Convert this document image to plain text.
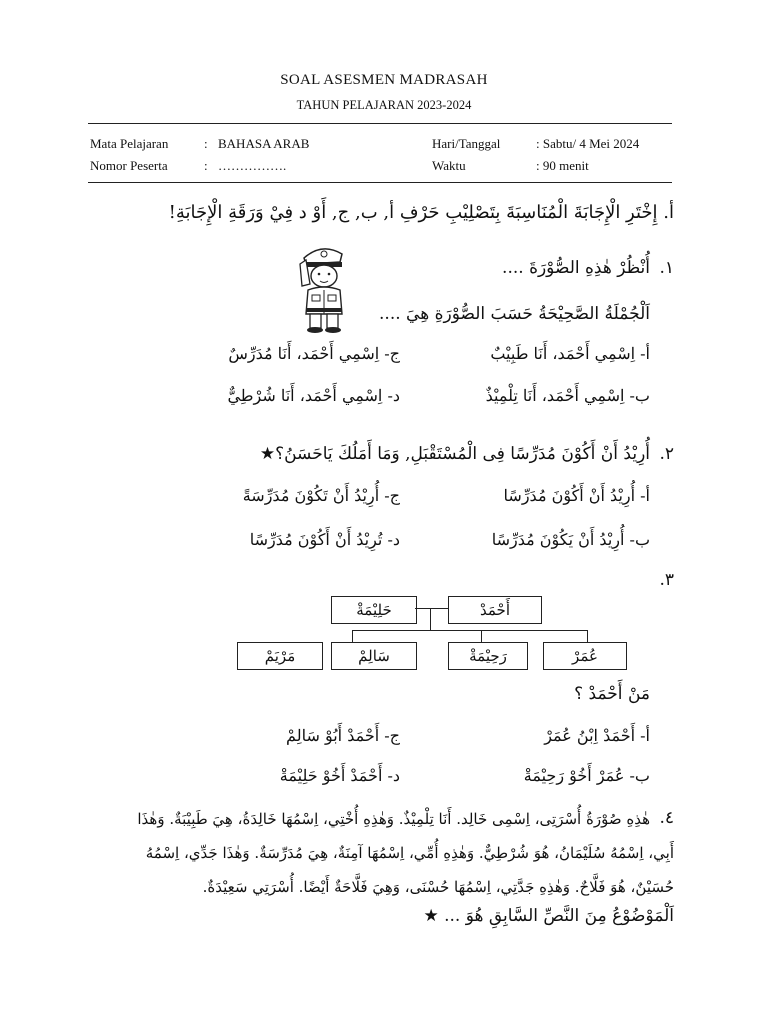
SOAL ASESMEN MADRASAH
TAHUN PELAJARAN 2023-2024
Mata Pelajaran	: BAHASA ARAB
Nomor Peserta	: …………….
Hari/Tanggal	: Sabtu/ 4 Mei 2024
Waktu	: 90 menit
أ. إِخْتَرِ الْإِجَابَةَ الْمُنَاسِبَةَ بِتَصْلِيْبِ حَرْفِ أ, ب, ج, أَوْ د فِيْ وَرَقَةِ الْإِجَابَةِ!
١.
أُنْظُرْ هٰذِهِ الصُّوْرَةَ ....
اَلْجُمْلَةُ الصَّحِيْحَةُ حَسَبَ الصُّوْرَةِ هِيَ ....
أ- اِسْمِي أَحْمَد، أَنَا طَبِيْبٌ
ج- اِسْمِي أَحْمَد، أَنَا مُدَرِّسٌ
ب- اِسْمِي أَحْمَد، أَنَا تِلْمِيْذٌ
د- اِسْمِي أَحْمَد، أَنَا شُرْطِيٌّ
٢.
أُرِيْدُ أَنْ أَكُوْنَ مُدَرِّسًا فِى الْمُسْتَقْبَلِ, وَمَا أَمَلُكَ يَاحَسَنُ؟★
أ- أُرِيْدُ أَنْ أَكُوْنَ مُدَرِّسًا
ج- أُرِيْدُ أَنْ تَكُوْنَ مُدَرِّسَةً
ب- أُرِيْدُ أَنْ يَكُوْنَ مُدَرِّسًا
د- تُرِيْدُ أَنْ أَكُوْنَ مُدَرِّسًا
٣.
أَحْمَدْ
حَلِيْمَةْ
عُمَرْ
رَحِيْمَةْ
سَالِمْ
مَرْيَمْ
مَنْ أَحْمَدْ ؟
أ- أَحْمَدْ اِبْنُ عُمَرْ
ج- أَحْمَدْ أَبُوْ سَالِمْ
ب- عُمَرْ أَخُوْ رَحِيْمَةْ
د- أَحْمَدْ أَخُوْ حَلِيْمَةْ
٤.
هٰذِهِ صُوْرَةُ أُسْرَتِى، اِسْمِى خَالِد. أَنَا تِلْمِيْذٌ. وَهٰذِهِ أُخْتِي، اِسْمُهَا خَالِدَةُ، هِيَ طَبِيْبَةٌ. وَهٰذَا
أَبِي، اِسْمُهُ سُلَيْمَانُ، هُوَ شُرْطِيٌّ. وَهٰذِهِ أُمِّي، اِسْمُهَا آمِنَةٌ، هِيَ مُدَرِّسَةٌ. وَهٰذَا جَدِّي، اِسْمُهُ
حُسَيْنٌ، هُوَ فَلَّاحٌ. وَهٰذِهِ جَدَّتِي، اِسْمُهَا حُسْنَى، وَهِيَ فَلَّاحَةٌ أَيْضًا. أُسْرَتِي سَعِيْدَةٌ.
اَلْمَوْضُوْعُ مِنَ النَّصِّ السَّابِقِ هُوَ ... ★
